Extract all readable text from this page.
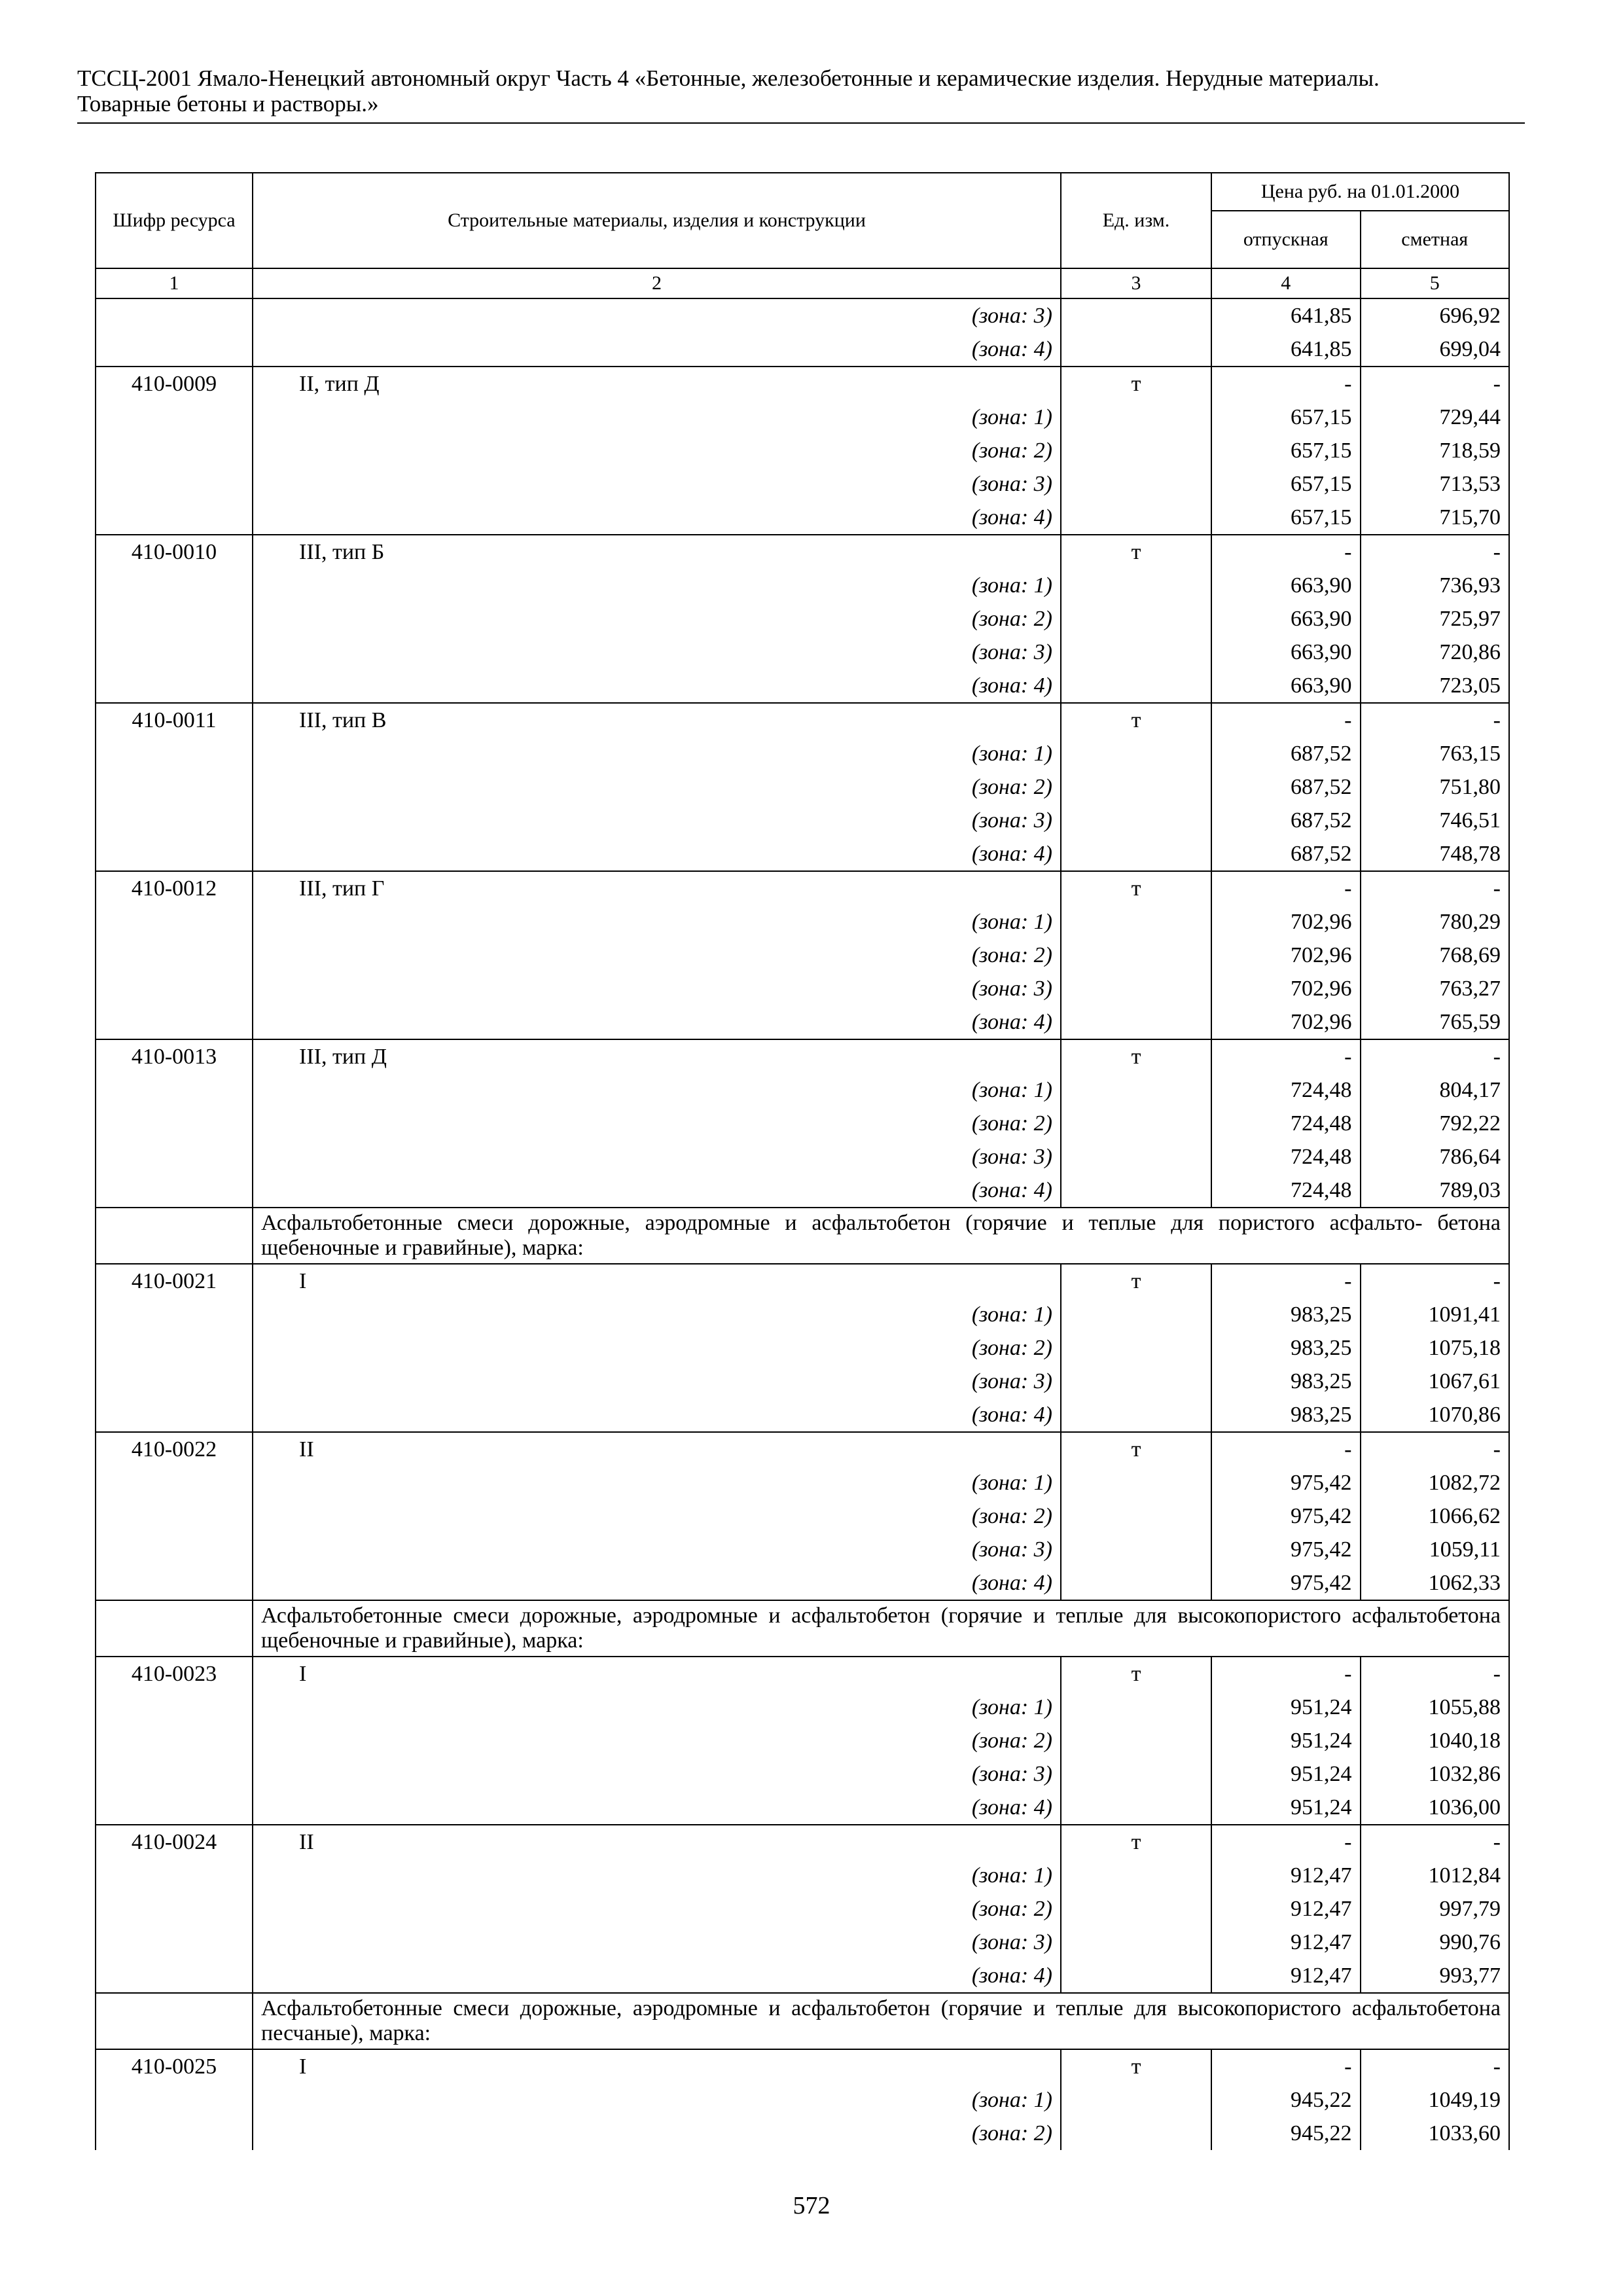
ТССЦ-2001 Ямало-Ненецкий автономный округ Часть 4 «Бетонные, железобетонные и керамические изделия. Нерудные материалы.
Товарные бетоны и растворы.»
Шифр ресурса	Строительные материалы, изделия и конструкции	Ед. изм.	Цена руб. на 01.01.2000	
			отпускная	сметная
1	2	3	4	5
	(зона: 3)		641,85	696,92
	(зона: 4)		641,85	699,04
410-0009	II, тип Д	т	-	-
	(зона: 1)		657,15	729,44
	(зона: 2)		657,15	718,59
	(зона: 3)		657,15	713,53
	(зона: 4)		657,15	715,70
410-0010	III, тип Б	т	-	-
	(зона: 1)		663,90	736,93
	(зона: 2)		663,90	725,97
	(зона: 3)		663,90	720,86
	(зона: 4)		663,90	723,05
410-0011	III, тип В	т	-	-
	(зона: 1)		687,52	763,15
	(зона: 2)		687,52	751,80
	(зона: 3)		687,52	746,51
	(зона: 4)		687,52	748,78
410-0012	III, тип Г	т	-	-
	(зона: 1)		702,96	780,29
	(зона: 2)		702,96	768,69
	(зона: 3)		702,96	763,27
	(зона: 4)		702,96	765,59
410-0013	III, тип Д	т	-	-
	(зона: 1)		724,48	804,17
	(зона: 2)		724,48	792,22
	(зона: 3)		724,48	786,64
	(зона: 4)		724,48	789,03
	Асфальтобетонные смеси дорожные, аэродромные и асфальтобетон (горячие и теплые для пористого асфальто- бетона щебеночные и гравийные), марка:			
410-0021	I	т	-	-
	(зона: 1)		983,25	1091,41
	(зона: 2)		983,25	1075,18
	(зона: 3)		983,25	1067,61
	(зона: 4)		983,25	1070,86
410-0022	II	т	-	-
	(зона: 1)		975,42	1082,72
	(зона: 2)		975,42	1066,62
	(зона: 3)		975,42	1059,11
	(зона: 4)		975,42	1062,33
	Асфальтобетонные смеси дорожные, аэродромные и асфальтобетон (горячие и теплые для высокопористого асфальтобетона щебеночные и гравийные), марка:			
410-0023	I	т	-	-
	(зона: 1)		951,24	1055,88
	(зона: 2)		951,24	1040,18
	(зона: 3)		951,24	1032,86
	(зона: 4)		951,24	1036,00
410-0024	II	т	-	-
	(зона: 1)		912,47	1012,84
	(зона: 2)		912,47	997,79
	(зона: 3)		912,47	990,76
	(зона: 4)		912,47	993,77
	Асфальтобетонные смеси дорожные, аэродромные и асфальтобетон (горячие и теплые для высокопористого асфальтобетона песчаные), марка:			
410-0025	I	т	-	-
	(зона: 1)		945,22	1049,19
	(зона: 2)		945,22	1033,60
572
